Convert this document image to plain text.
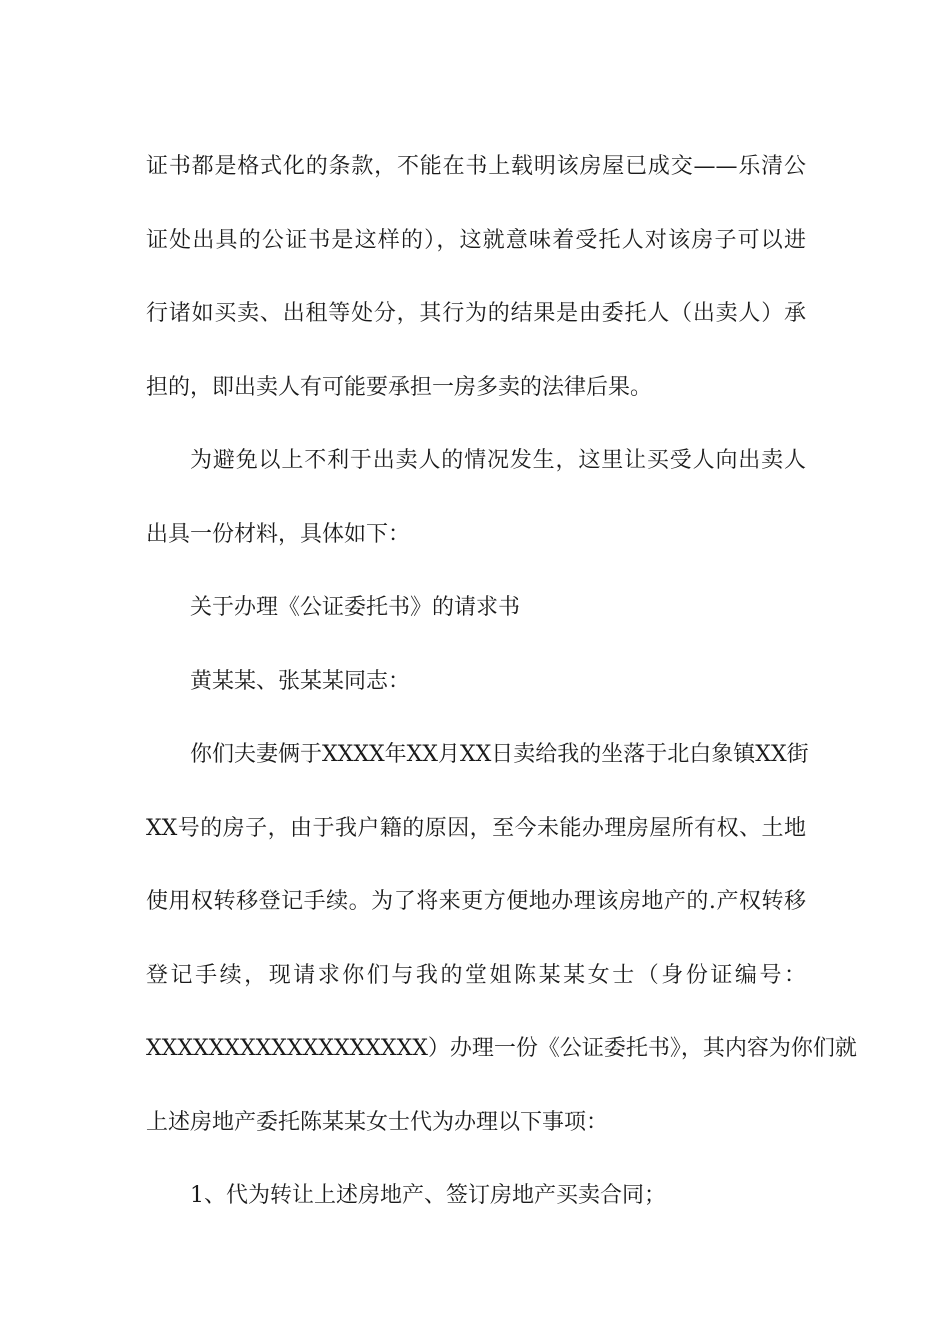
证书都是格式化的条款，不能在书上载明该房屋已成交——乐清公
证处出具的公证书是这样的），这就意味着受托人对该房子可以进
行诸如买卖、出租等处分，其行为的结果是由委托人（出卖人）承
担的，即出卖人有可能要承担一房多卖的法律后果。

为避免以上不利于出卖人的情况发生，这里让买受人向出卖人
出具一份材料，具体如下：

关于办理《公证委托书》的请求书

黄某某、张某某同志：

你们夫妻俩于XXXX年XX月XX日卖给我的坐落于北白象镇XX街
XX号的房子，由于我户籍的原因，至今未能办理房屋所有权、土地
使用权转移登记手续。为了将来更方便地办理该房地产的.产权转移
登记手续，现请求你们与我的堂姐陈某某女士（身份证编号：
XXXXXXXXXXXXXXXXXX）办理一份《公证委托书》，其内容为你们就
上述房地产委托陈某某女士代为办理以下事项：

1、代为转让上述房地产、签订房地产买卖合同；
